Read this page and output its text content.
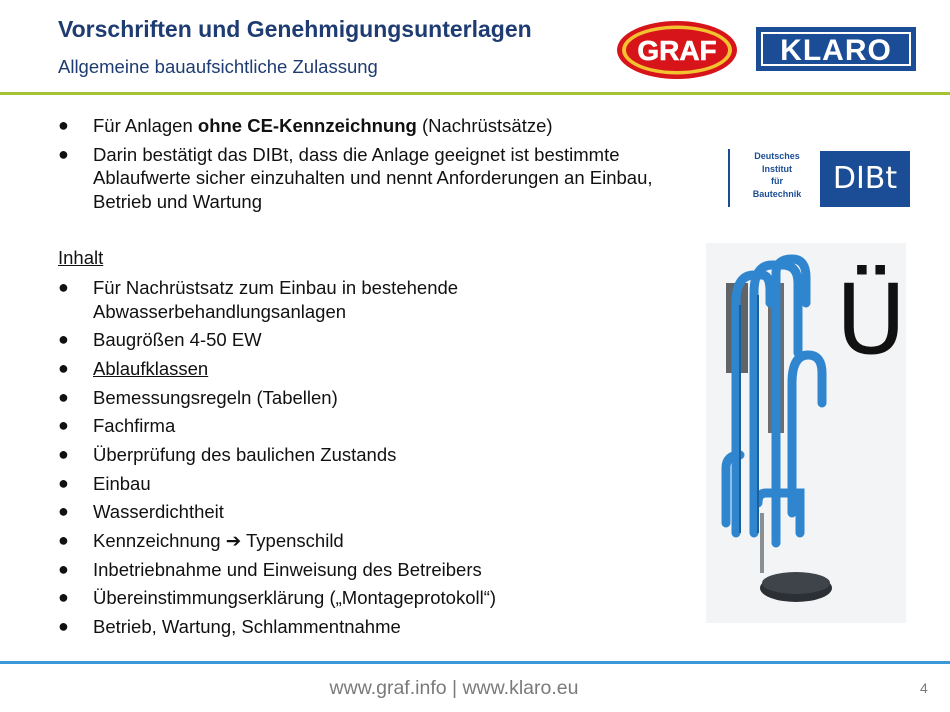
Vorschriften und Genehmigungsunterlagen
Allgemeine bauaufsichtliche Zulassung
GRAF	KLARO
● Für Anlagen ohne CE-Kennzeichnung (Nachrüstsätze)
● Darin bestätigt das DIBt, dass die Anlage geeignet ist bestimmte Ablaufwerte sicher einzuhalten und nennt Anforderungen an Einbau, Betrieb und Wartung
Deutsches
Institut
für
Bautechnik	DIBt
Inhalt
● Für Nachrüstsatz zum Einbau in bestehende Abwasserbehandlungsanlagen
● Baugrößen 4-50 EW
● Ablaufklassen
● Bemessungsregeln (Tabellen)
● Fachfirma
● Überprüfung des baulichen Zustands
● Einbau
● Wasserdichtheit
● Kennzeichnung ➔ Typenschild
● Inbetriebnahme und Einweisung des Betreibers
● Übereinstimmungserklärung („Montageprotokoll“)
● Betrieb, Wartung, Schlammentnahme
Ü
www.graf.info | www.klaro.eu	4
